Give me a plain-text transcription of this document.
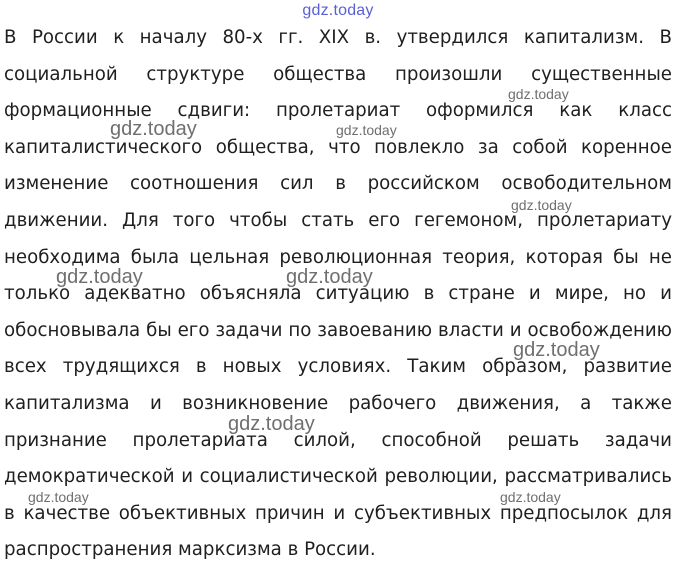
gdz.today
В России к началу 80-х гг. XIX в. утвердился капитализм. В
социальной структуре общества произошли существенные
формационные сдвиги: пролетариат оформился как класс
капиталистического общества, что повлекло за собой коренное
изменение соотношения сил в российском освободительном
движении. Для того чтобы стать его гегемоном, пролетариату
необходима была цельная революционная теория, которая бы не
только адекватно объясняла ситуацию в стране и мире, но и
обосновывала бы его задачи по завоеванию власти и освобождению
всех трудящихся в новых условиях. Таким образом, развитие
капитализма и возникновение рабочего движения, а также
признание пролетариата силой, способной решать задачи
демократической и социалистической революции, рассматривались
в качестве объективных причин и субъективных предпосылок для
распространения марксизма в России.
gdz.today
gdz.today	gdz.today
gdz.today
gdz.today	gdz.today
gdz.today
gdz.today
gdz.today	gdz.today
